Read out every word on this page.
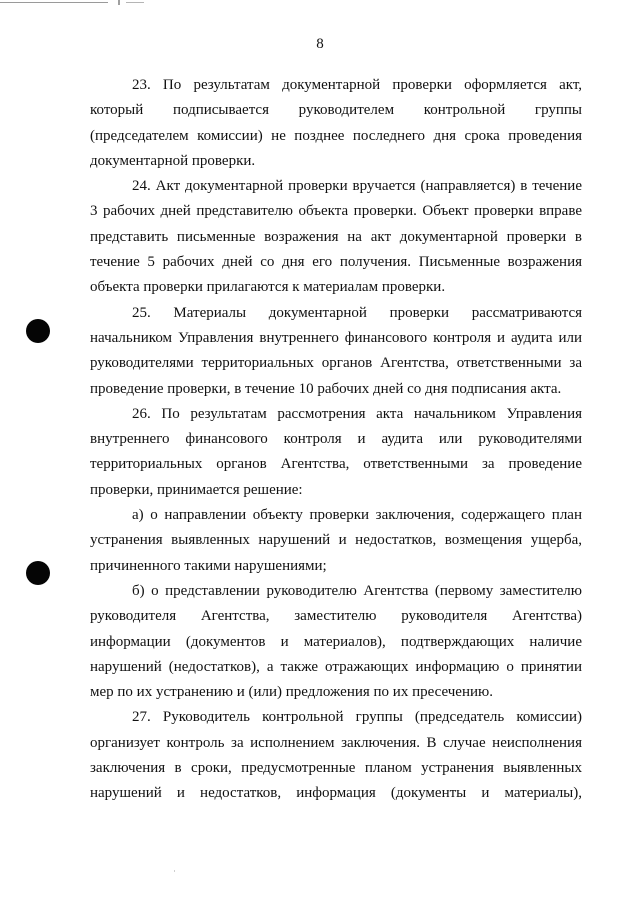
8
23. По результатам документарной проверки оформляется акт,
который подписывается руководителем контрольной группы
(председателем комиссии) не позднее последнего дня срока проведения
документарной проверки.
24. Акт документарной проверки вручается (направляется) в течение
3 рабочих дней представителю объекта проверки. Объект проверки вправе
представить письменные возражения на акт документарной проверки в
течение 5 рабочих дней со дня его получения. Письменные возражения
объекта проверки прилагаются к материалам проверки.
25. Материалы документарной проверки рассматриваются
начальником Управления внутреннего финансового контроля и аудита или
руководителями территориальных органов Агентства, ответственными за
проведение проверки, в течение 10 рабочих дней со дня подписания акта.
26. По результатам рассмотрения акта начальником Управления
внутреннего финансового контроля и аудита или руководителями
территориальных органов Агентства, ответственными за проведение
проверки, принимается решение:
а) о направлении объекту проверки заключения, содержащего план
устранения выявленных нарушений и недостатков, возмещения ущерба,
причиненного такими нарушениями;
б) о представлении руководителю Агентства (первому заместителю
руководителя Агентства, заместителю руководителя Агентства)
информации (документов и материалов), подтверждающих наличие
нарушений (недостатков), а также отражающих информацию о принятии
мер по их устранению и (или) предложения по их пресечению.
27. Руководитель контрольной группы (председатель комиссии)
организует контроль за исполнением заключения. В случае неисполнения
заключения в сроки, предусмотренные планом устранения выявленных
нарушений и недостатков, информация (документы и материалы),
